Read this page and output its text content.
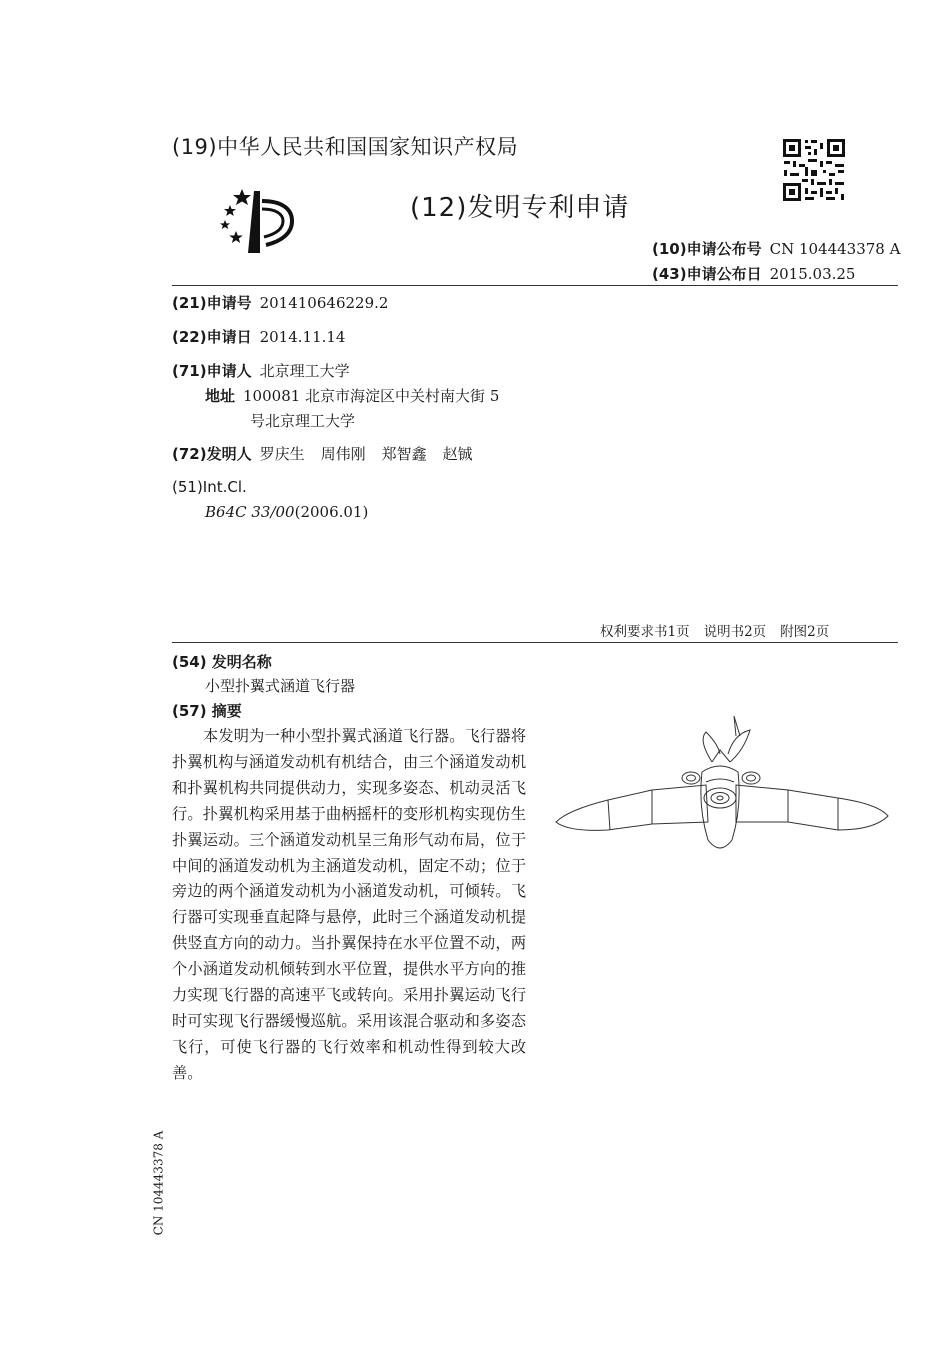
(19)中华人民共和国国家知识产权局
(12)发明专利申请
(10)申请公布号 CN 104443378 A
(43)申请公布日 2015.03.25
(21)申请号 201410646229.2
(22)申请日 2014.11.14
(71)申请人 北京理工大学
地址 100081 北京市海淀区中关村南大街 5
号北京理工大学
(72)发明人 罗庆生 周伟刚 郑智鑫 赵铖
(51)Int.Cl.
B64C 33/00(2006.01)
权利要求书1页 说明书2页 附图2页
(54) 发明名称
小型扑翼式涵道飞行器
(57) 摘要

本发明为一种小型扑翼式涵道飞行器。飞行器将扑翼机构与涵道发动机有机结合，由三个涵道发动机和扑翼机构共同提供动力，实现多姿态、机动灵活飞行。扑翼机构采用基于曲柄摇杆的变形机构实现仿生扑翼运动。三个涵道发动机呈三角形气动布局，位于中间的涵道发动机为主涵道发动机，固定不动；位于旁边的两个涵道发动机为小涵道发动机，可倾转。飞行器可实现垂直起降与悬停，此时三个涵道发动机提供竖直方向的动力。当扑翼保持在水平位置不动，两个小涵道发动机倾转到水平位置，提供水平方向的推力实现飞行器的高速平飞或转向。采用扑翼运动飞行时可实现飞行器缓慢巡航。采用该混合驱动和多姿态飞行，可使飞行器的飞行效率和机动性得到较大改善。

CN 104443378 A
